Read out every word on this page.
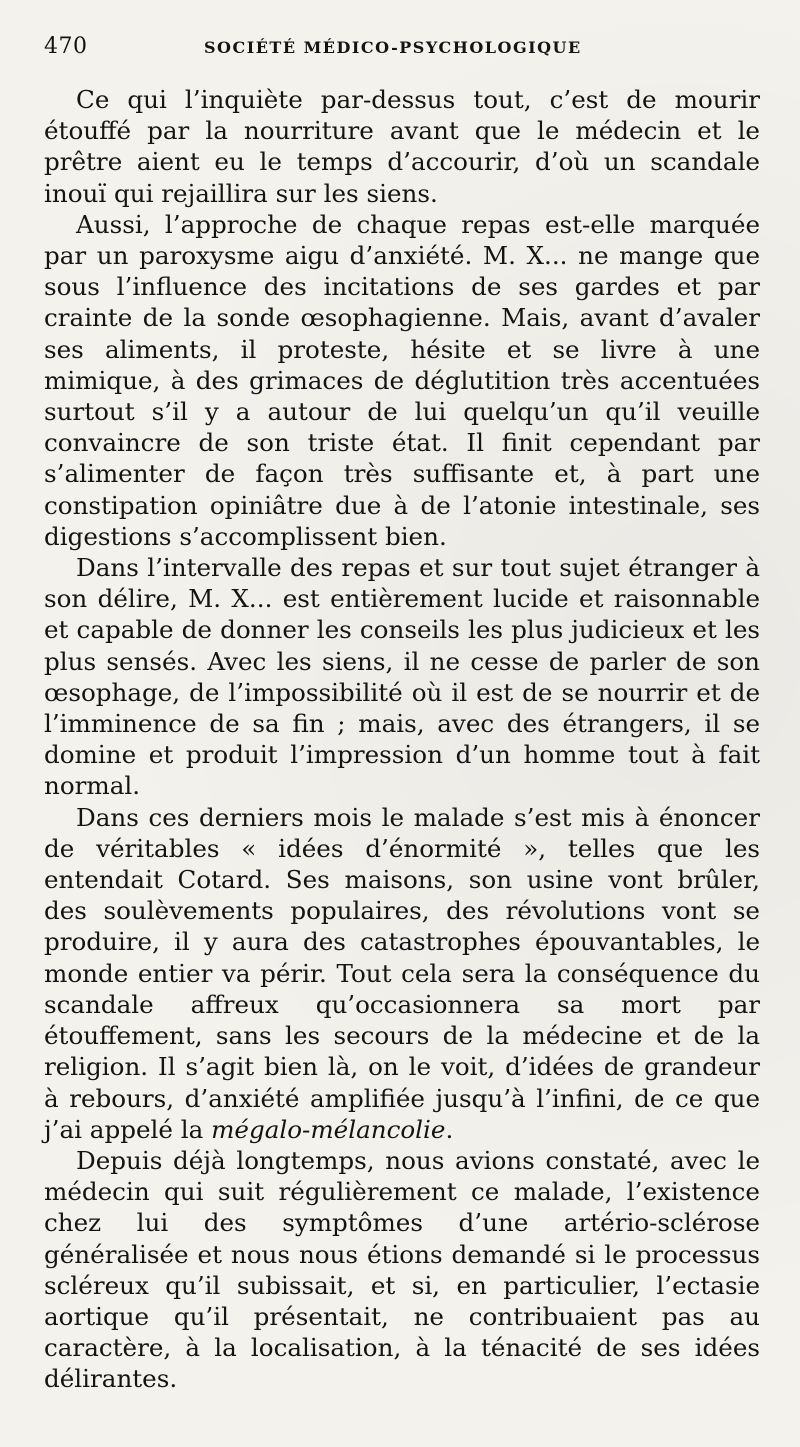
470	SOCIÉTÉ MÉDICO-PSYCHOLOGIQUE

Ce qui l’inquiète par-dessus tout, c’est de mourir étouffé par la nourriture avant que le médecin et le prêtre aient eu le temps d’accourir, d’où un scandale inouï qui rejaillira sur les siens.

Aussi, l’approche de chaque repas est-elle marquée par un paroxysme aigu d’anxiété. M. X... ne mange que sous l’influence des incitations de ses gardes et par crainte de la sonde œsophagienne. Mais, avant d’avaler ses aliments, il proteste, hésite et se livre à une mimique, à des grimaces de déglutition très accentuées surtout s’il y a autour de lui quelqu’un qu’il veuille convaincre de son triste état. Il finit cependant par s’alimenter de façon très suffisante et, à part une constipation opiniâtre due à de l’atonie intestinale, ses digestions s’accomplissent bien.

Dans l’intervalle des repas et sur tout sujet étranger à son délire, M. X... est entièrement lucide et raisonnable et capable de donner les conseils les plus judicieux et les plus sensés. Avec les siens, il ne cesse de parler de son œsophage, de l’impossibilité où il est de se nourrir et de l’imminence de sa fin ; mais, avec des étrangers, il se domine et produit l’impression d’un homme tout à fait normal.

Dans ces derniers mois le malade s’est mis à énoncer de véritables « idées d’énormité », telles que les entendait Cotard. Ses maisons, son usine vont brûler, des soulèvements populaires, des révolutions vont se produire, il y aura des catastrophes épouvantables, le monde entier va périr. Tout cela sera la conséquence du scandale affreux qu’occasionnera sa mort par étouffement, sans les secours de la médecine et de la religion. Il s’agit bien là, on le voit, d’idées de grandeur à rebours, d’anxiété amplifiée jusqu’à l’infini, de ce que j’ai appelé la mégalo-mélancolie.

Depuis déjà longtemps, nous avions constaté, avec le médecin qui suit régulièrement ce malade, l’existence chez lui des symptômes d’une artério-sclérose généralisée et nous nous étions demandé si le processus scléreux qu’il subissait, et si, en particulier, l’ectasie aortique qu’il présentait, ne contribuaient pas au caractère, à la localisation, à la ténacité de ses idées délirantes.
